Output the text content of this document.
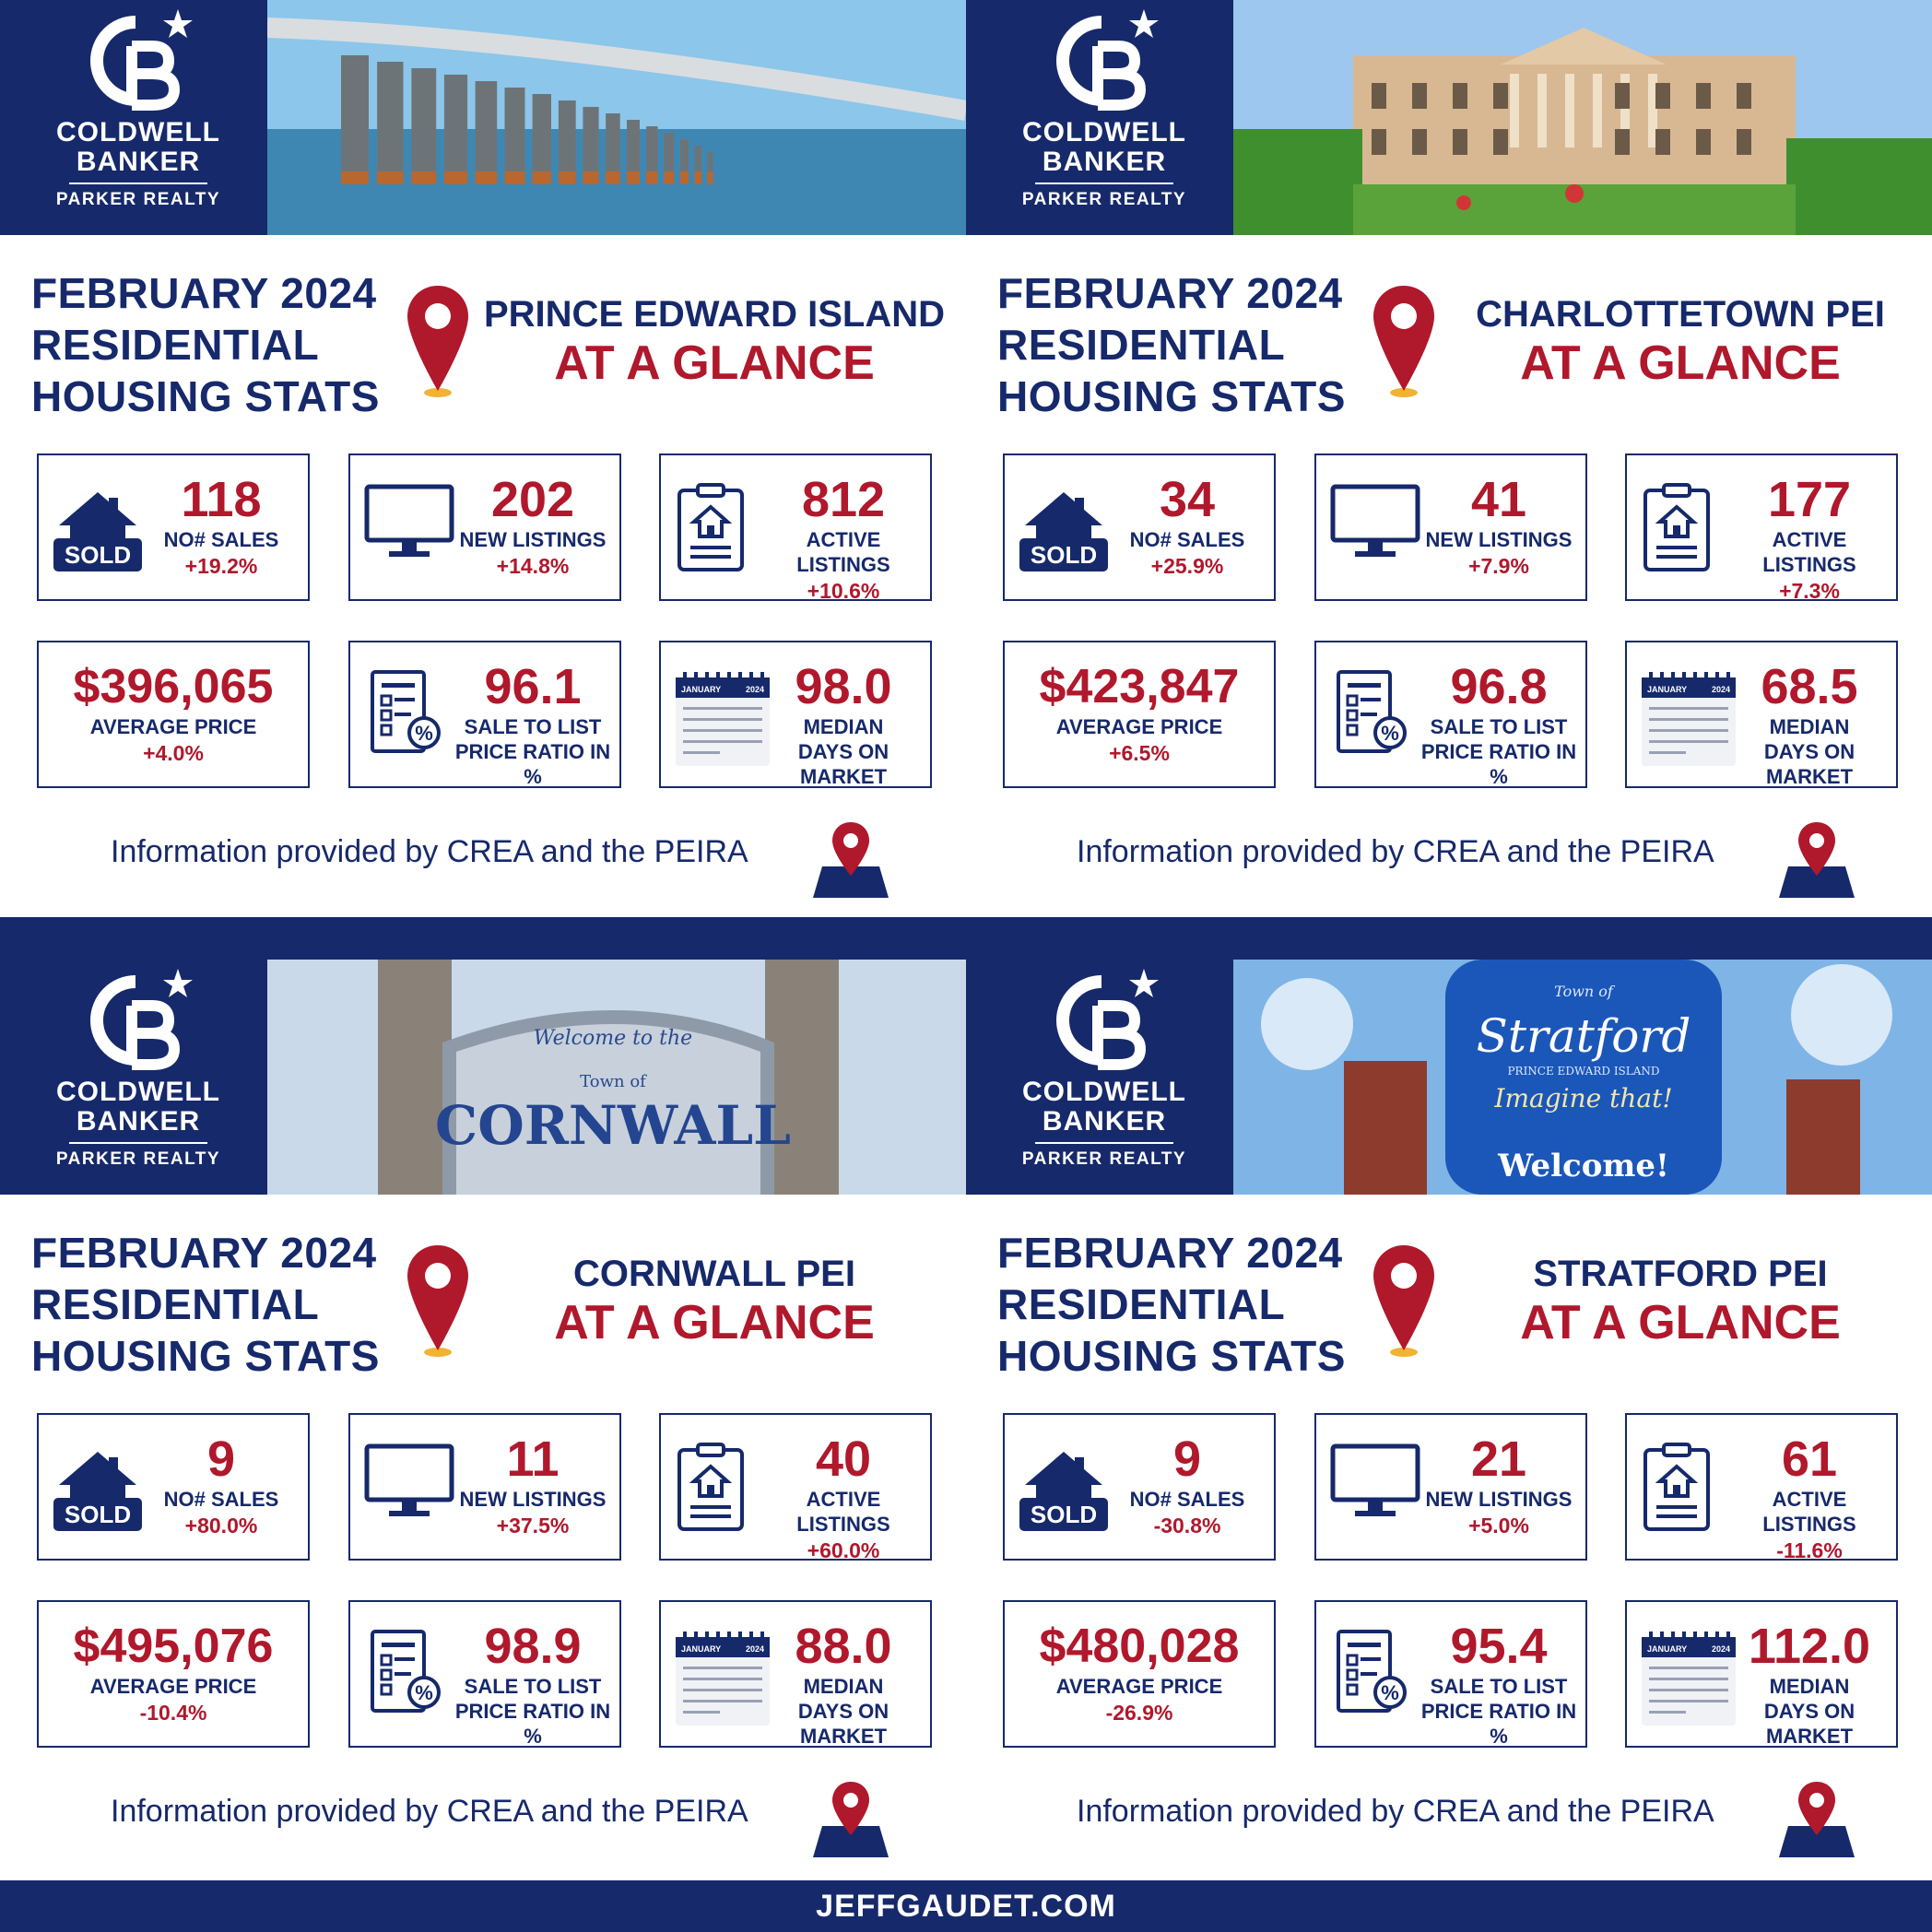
COLDWELL
BANKER
PARKER REALTY
FEBRUARY 2024
RESIDENTIAL
HOUSING STATS
PRINCE EDWARD ISLAND
AT A GLANCE
SOLD
118
NO# SALES
+19.2%
202
NEW LISTINGS
+14.8%
812
ACTIVE LISTINGS
+10.6%
$396,065
AVERAGE PRICE
+4.0%
%
96.1
SALE TO LIST
PRICE RATIO IN %
JANUARY	2024 98.0
MEDIAN
DAYS ON
MARKET
Information provided by CREA and the PEIRA
COLDWELL
BANKER
PARKER REALTY
FEBRUARY 2024
RESIDENTIAL
HOUSING STATS
CHARLOTTETOWN PEI
AT A GLANCE
SOLD
34
NO# SALES
+25.9%
41
NEW LISTINGS
+7.9%
177
ACTIVE LISTINGS
+7.3%
$423,847
AVERAGE PRICE
+6.5%
%
96.8
SALE TO LIST
PRICE RATIO IN %
JANUARY	2024 68.5
MEDIAN
DAYS ON
MARKET
Information provided by CREA and the PEIRA
COLDWELL
BANKER
PARKER REALTY
Welcome to the
Town of
CORNWALL
FEBRUARY 2024
RESIDENTIAL
HOUSING STATS
CORNWALL PEI
AT A GLANCE
SOLD
9
NO# SALES
+80.0%
11
NEW LISTINGS
+37.5%
40
ACTIVE LISTINGS
+60.0%
$495,076
AVERAGE PRICE
-10.4%
%
98.9
SALE TO LIST
PRICE RATIO IN %
JANUARY	2024 88.0
MEDIAN
DAYS ON
MARKET
Information provided by CREA and the PEIRA
COLDWELL
BANKER
PARKER REALTY
Town of
Stratford
PRINCE EDWARD ISLAND
Imagine that!
Welcome!
FEBRUARY 2024
RESIDENTIAL
HOUSING STATS
STRATFORD PEI
AT A GLANCE
SOLD
9
NO# SALES
-30.8%
21
NEW LISTINGS
+5.0%
61
ACTIVE LISTINGS
-11.6%
$480,028
AVERAGE PRICE
-26.9%
%
95.4
SALE TO LIST
PRICE RATIO IN %
JANUARY	2024 112.0
MEDIAN
DAYS ON
MARKET
Information provided by CREA and the PEIRA
JEFFGAUDET.COM
